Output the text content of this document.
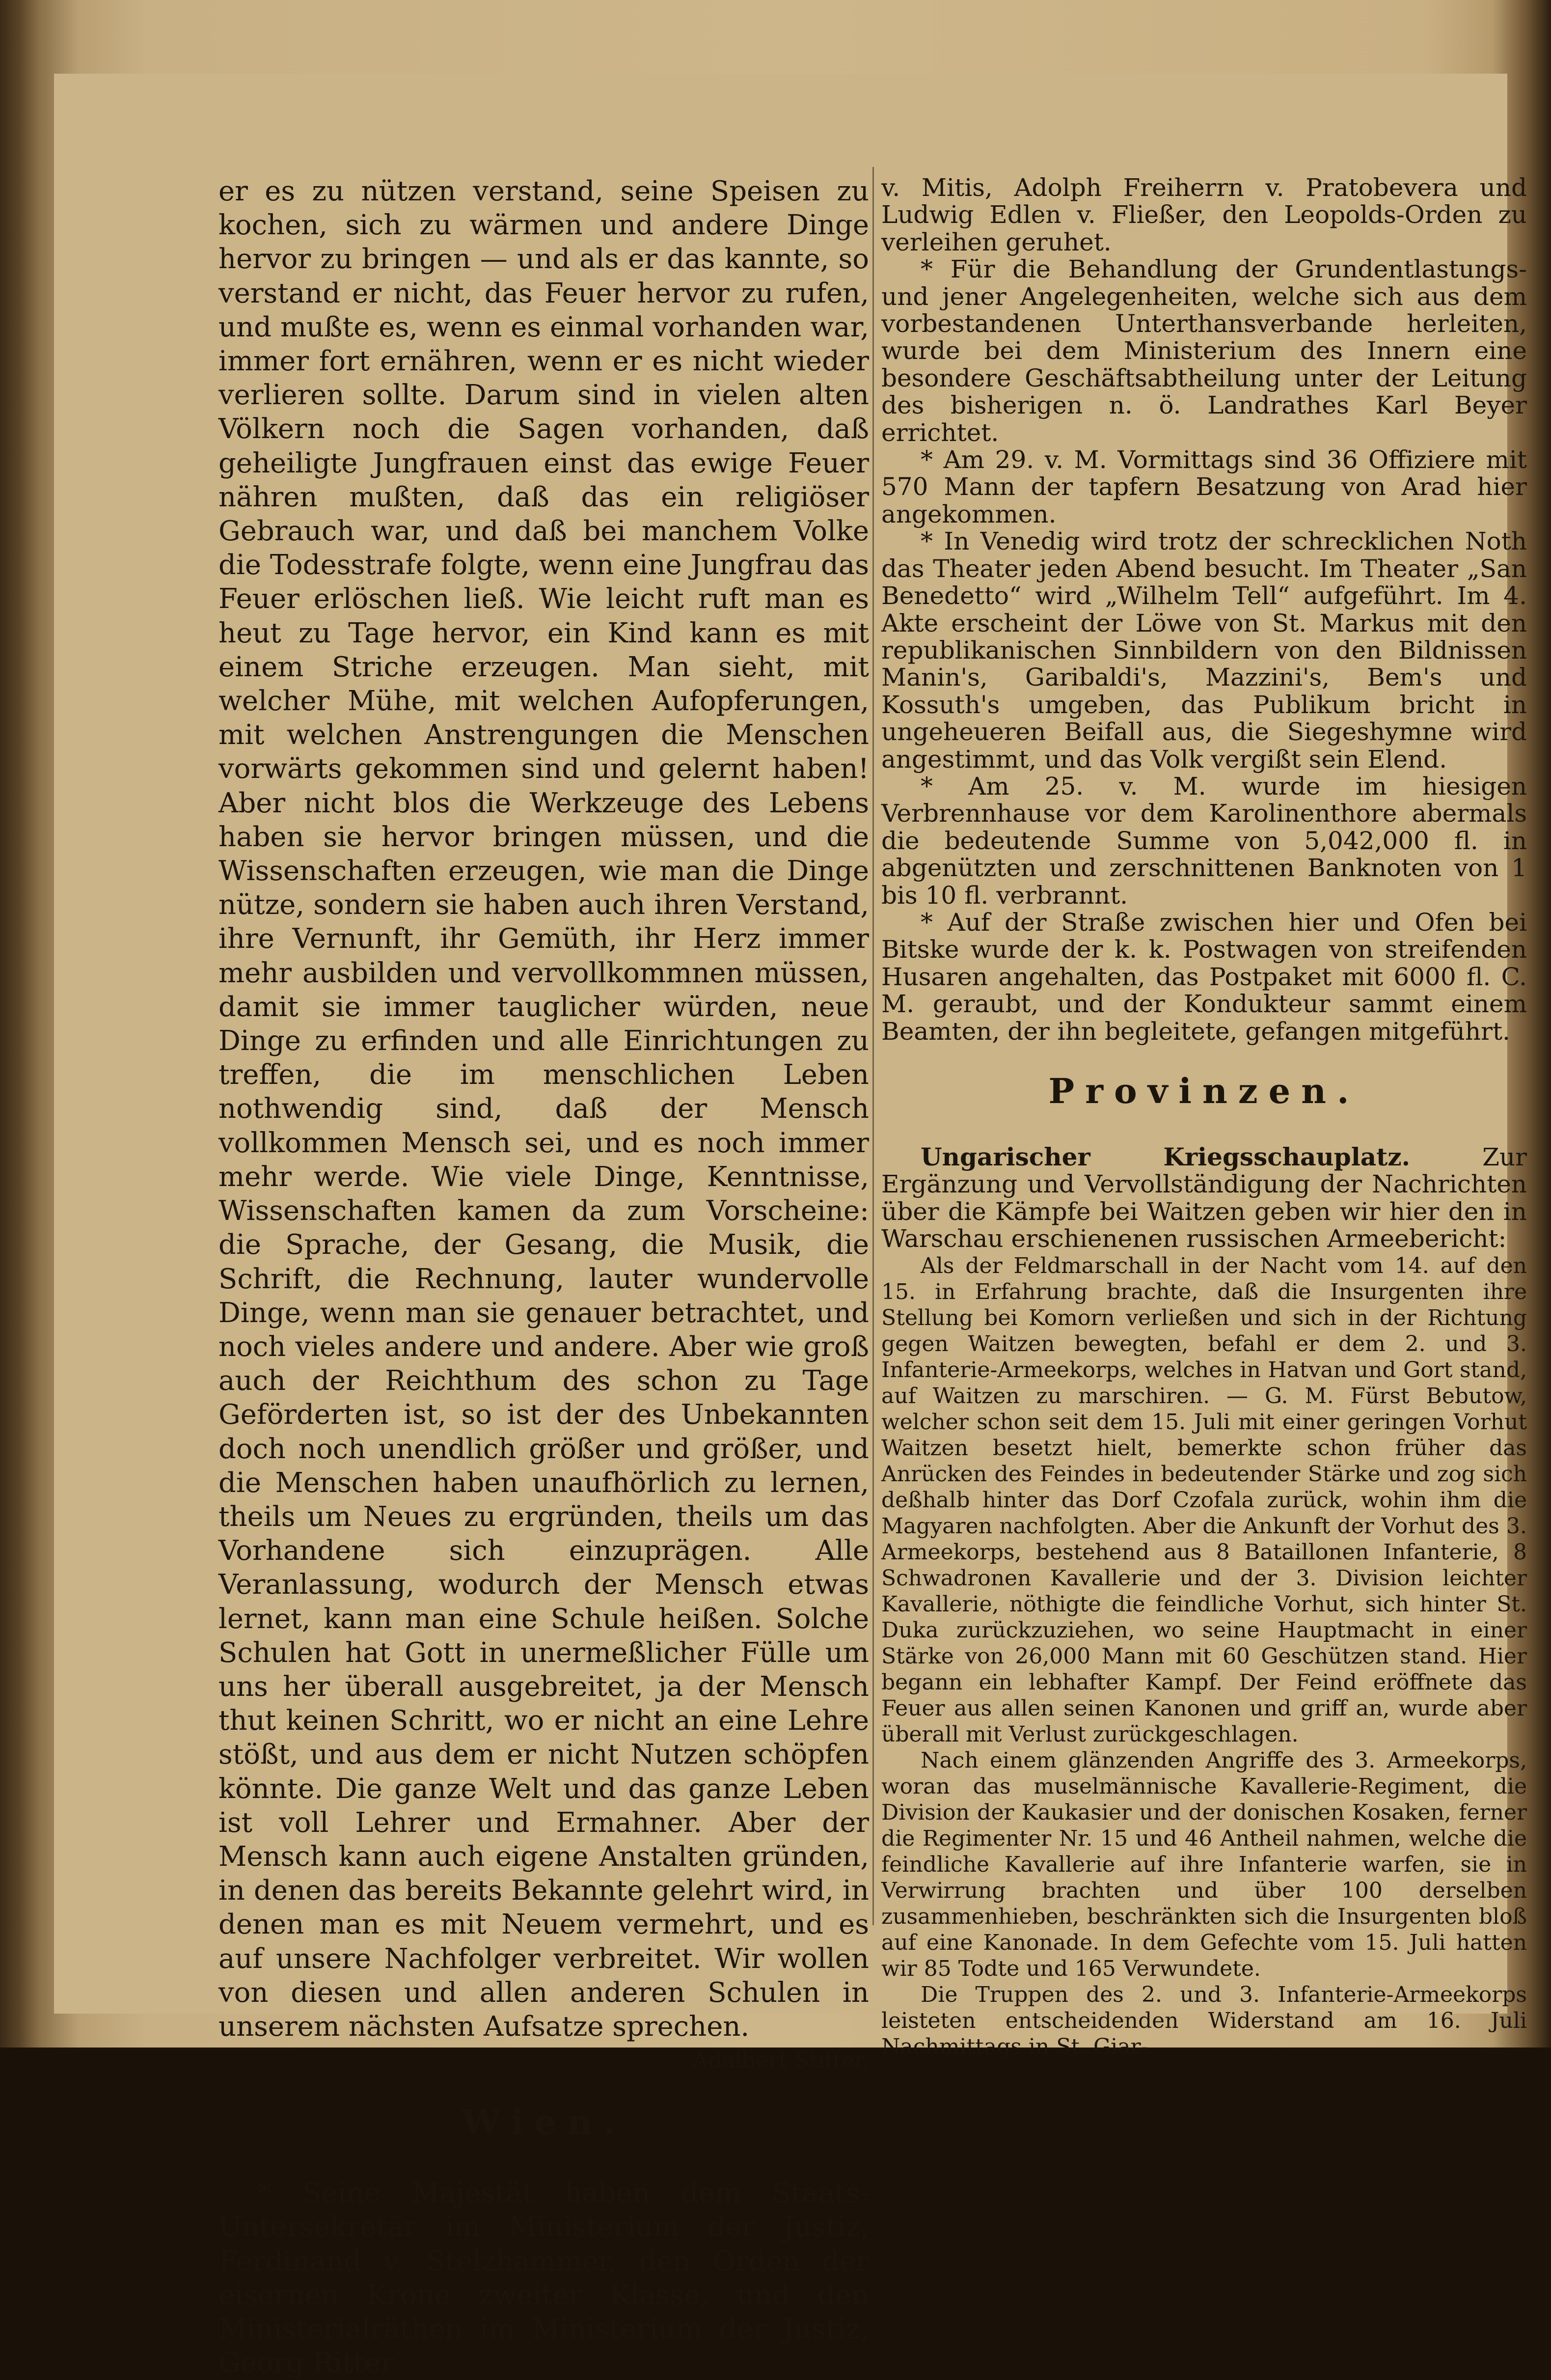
er es zu nützen verstand, seine Speisen zu kochen, sich zu wärmen und andere Dinge hervor zu bringen — und als er das kannte, so verstand er nicht, das Feuer hervor zu rufen, und mußte es, wenn es einmal vorhanden war, immer fort ernähren, wenn er es nicht wieder verlieren sollte. Darum sind in vielen alten Völkern noch die Sagen vorhanden, daß geheiligte Jungfrauen einst das ewige Feuer nähren mußten, daß das ein religiöser Gebrauch war, und daß bei manchem Volke die Todesstrafe folgte, wenn eine Jungfrau das Feuer erlöschen ließ. Wie leicht ruft man es heut zu Tage hervor, ein Kind kann es mit einem Striche erzeugen. Man sieht, mit welcher Mühe, mit welchen Aufopferungen, mit welchen Anstrengungen die Menschen vorwärts gekommen sind und gelernt haben! Aber nicht blos die Werkzeuge des Lebens haben sie hervor bringen müssen, und die Wissenschaften erzeugen, wie man die Dinge nütze, sondern sie haben auch ihren Verstand, ihre Vernunft, ihr Gemüth, ihr Herz immer mehr ausbilden und vervollkommnen müssen, damit sie immer tauglicher würden, neue Dinge zu erfinden und alle Einrichtungen zu treffen, die im menschlichen Leben nothwendig sind, daß der Mensch vollkommen Mensch sei, und es noch immer mehr werde. Wie viele Dinge, Kenntnisse, Wissenschaften kamen da zum Vorscheine: die Sprache, der Gesang, die Musik, die Schrift, die Rechnung, lauter wundervolle Dinge, wenn man sie genauer betrachtet, und noch vieles andere und andere. Aber wie groß auch der Reichthum des schon zu Tage Geförderten ist, so ist der des Unbekannten doch noch unendlich größer und größer, und die Menschen haben unaufhörlich zu lernen, theils um Neues zu ergründen, theils um das Vorhandene sich einzuprägen. Alle Veranlassung, wodurch der Mensch etwas lernet, kann man eine Schule heißen. Solche Schulen hat Gott in unermeßlicher Fülle um uns her überall ausgebreitet, ja der Mensch thut keinen Schritt, wo er nicht an eine Lehre stößt, und aus dem er nicht Nutzen schöpfen könnte. Die ganze Welt und das ganze Leben ist voll Lehrer und Ermahner. Aber der Mensch kann auch eigene Anstalten gründen, in denen das bereits Bekannte gelehrt wird, in denen man es mit Neuem vermehrt, und es auf unsere Nachfolger verbreitet. Wir wollen von diesen und allen anderen Schulen in unserem nächsten Aufsatze sprechen.

Adalbert Stifter.

Wien.

* Seine Majestät haben dem Staats-Untersekretär im Ministerium der Justiz, Ferdinand v. Stelzhammer, den Orden der eisernen Krone zweiter Klasse, und den Ministerialräthen im Ministerium der Justiz, Georg Ritter

v. Mitis, Adolph Freiherrn v. Pratobevera und Ludwig Edlen v. Fließer, den Leopolds-Orden zu verleihen geruhet.

* Für die Behandlung der Grundentlastungs- und jener Angelegenheiten, welche sich aus dem vorbestandenen Unterthansverbande herleiten, wurde bei dem Ministerium des Innern eine besondere Geschäftsabtheilung unter der Leitung des bisherigen n. ö. Landrathes Karl Beyer errichtet.

* Am 29. v. M. Vormittags sind 36 Offiziere mit 570 Mann der tapfern Besatzung von Arad hier angekommen.

* In Venedig wird trotz der schrecklichen Noth das Theater jeden Abend besucht. Im Theater „San Benedetto“ wird „Wilhelm Tell“ aufgeführt. Im 4. Akte erscheint der Löwe von St. Markus mit den republikanischen Sinnbildern von den Bildnissen Manin's, Garibaldi's, Mazzini's, Bem's und Kossuth's umgeben, das Publikum bricht in ungeheueren Beifall aus, die Siegeshymne wird angestimmt, und das Volk vergißt sein Elend.

* Am 25. v. M. wurde im hiesigen Verbrennhause vor dem Karolinenthore abermals die bedeutende Summe von 5,042,000 fl. in abgenützten und zerschnittenen Banknoten von 1 bis 10 fl. verbrannt.

* Auf der Straße zwischen hier und Ofen bei Bitske wurde der k. k. Postwagen von streifenden Husaren angehalten, das Postpaket mit 6000 fl. C. M. geraubt, und der Kondukteur sammt einem Beamten, der ihn begleitete, gefangen mitgeführt.

Provinzen.

Ungarischer Kriegsschauplatz. Zur Ergänzung und Vervollständigung der Nachrichten über die Kämpfe bei Waitzen geben wir hier den in Warschau erschienenen russischen Armeebericht:

Als der Feldmarschall in der Nacht vom 14. auf den 15. in Erfahrung brachte, daß die Insurgenten ihre Stellung bei Komorn verließen und sich in der Richtung gegen Waitzen bewegten, befahl er dem 2. und 3. Infanterie-Armeekorps, welches in Hatvan und Gort stand, auf Waitzen zu marschiren. — G. M. Fürst Bebutow, welcher schon seit dem 15. Juli mit einer geringen Vorhut Waitzen besetzt hielt, bemerkte schon früher das Anrücken des Feindes in bedeutender Stärke und zog sich deßhalb hinter das Dorf Czofala zurück, wohin ihm die Magyaren nachfolgten. Aber die Ankunft der Vorhut des 3. Armeekorps, bestehend aus 8 Bataillonen Infanterie, 8 Schwadronen Kavallerie und der 3. Division leichter Kavallerie, nöthigte die feindliche Vorhut, sich hinter St. Duka zurückzuziehen, wo seine Hauptmacht in einer Stärke von 26,000 Mann mit 60 Geschützen stand. Hier begann ein lebhafter Kampf. Der Feind eröffnete das Feuer aus allen seinen Kanonen und griff an, wurde aber überall mit Verlust zurückgeschlagen.

Nach einem glänzenden Angriffe des 3. Armeekorps, woran das muselmännische Kavallerie-Regiment, die Division der Kaukasier und der donischen Kosaken, ferner die Regimenter Nr. 15 und 46 Antheil nahmen, welche die feindliche Kavallerie auf ihre Infanterie warfen, sie in Verwirrung brachten und über 100 derselben zusammenhieben, beschränkten sich die Insurgenten bloß auf eine Kanonade. In dem Gefechte vom 15. Juli hatten wir 85 Todte und 165 Verwundete.

Die Truppen des 2. und 3. Infanterie-Armeekorps leisteten entscheidenden Widerstand am 16. Juli Nachmittags in St. Giar-
